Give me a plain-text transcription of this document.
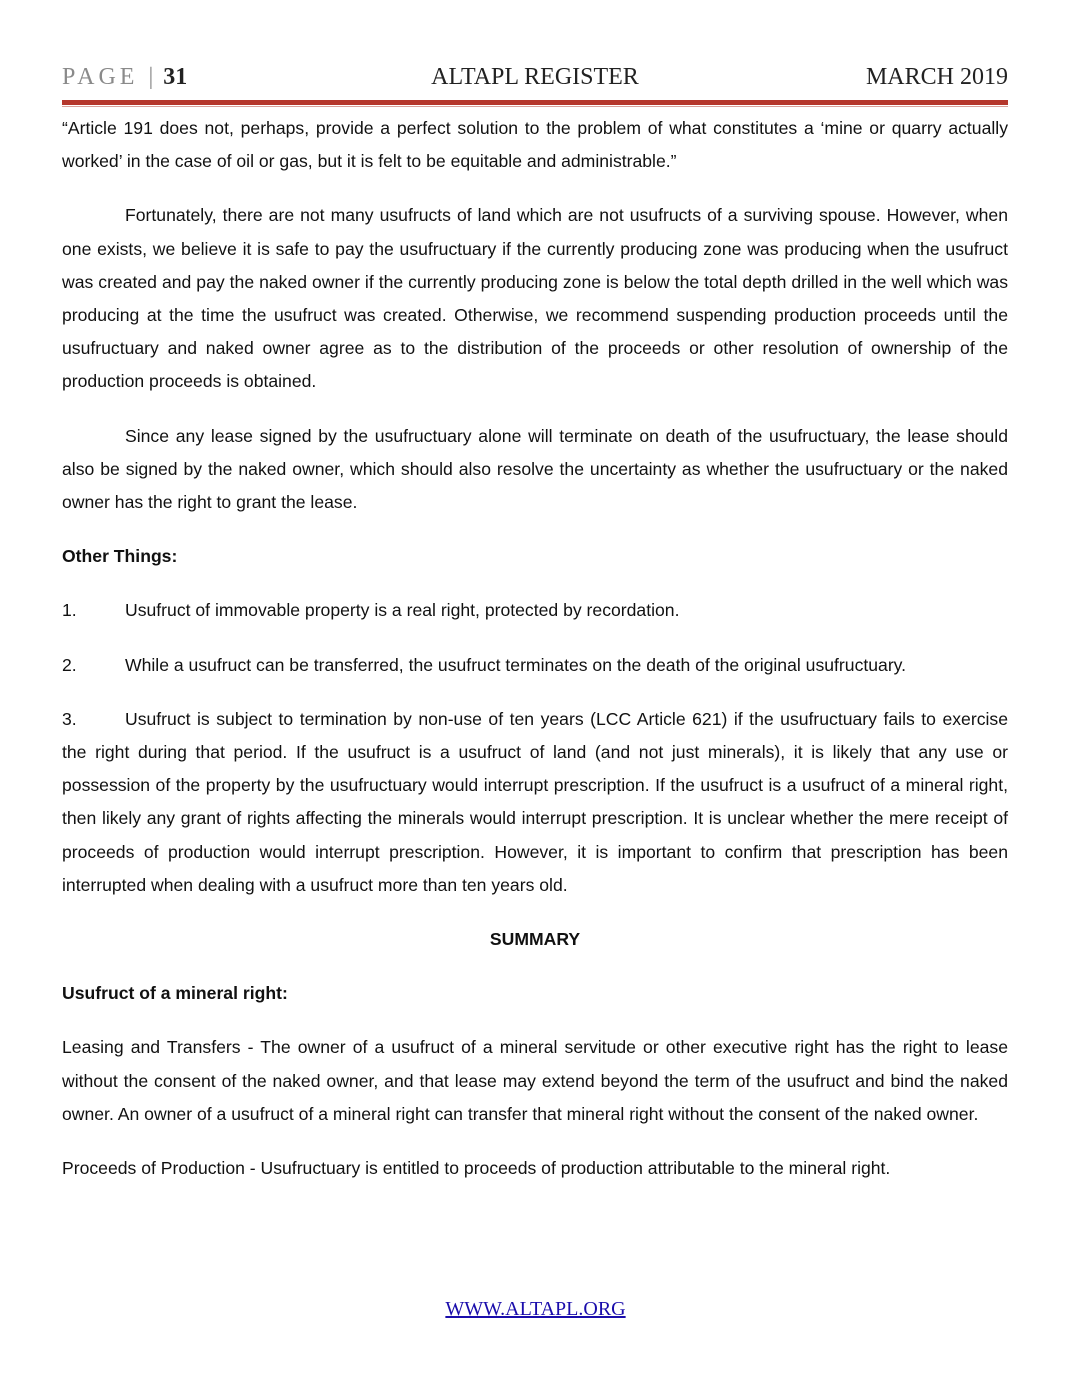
PAGE | 31	ALTAPL REGISTER	MARCH 2019

“Article 191 does not, perhaps, provide a perfect solution to the problem of what constitutes a ‘mine or quarry actually worked’ in the case of oil or gas, but it is felt to be equitable and administrable.”

Fortunately, there are not many usufructs of land which are not usufructs of a surviving spouse. However, when one exists, we believe it is safe to pay the usufructuary if the currently producing zone was producing when the usufruct was created and pay the naked owner if the currently producing zone is below the total depth drilled in the well which was producing at the time the usufruct was created. Otherwise, we recommend suspending production proceeds until the usufructuary and naked owner agree as to the distribution of the proceeds or other resolution of ownership of the production proceeds is obtained.

Since any lease signed by the usufructuary alone will terminate on death of the usufructuary, the lease should also be signed by the naked owner, which should also resolve the uncertainty as whether the usufructuary or the naked owner has the right to grant the lease.

Other Things:
1.	Usufruct of immovable property is a real right, protected by recordation.
2.	While a usufruct can be transferred, the usufruct terminates on the death of the original usufructuary.
3.	Usufruct is subject to termination by non-use of ten years (LCC Article 621) if the usufructuary fails to exercise the right during that period. If the usufruct is a usufruct of land (and not just minerals), it is likely that any use or possession of the property by the usufructuary would interrupt prescription. If the usufruct is a usufruct of a mineral right, then likely any grant of rights affecting the minerals would interrupt prescription. It is unclear whether the mere receipt of proceeds of production would interrupt prescription. However, it is important to confirm that prescription has been interrupted when dealing with a usufruct more than ten years old.
SUMMARY
Usufruct of a mineral right:

Leasing and Transfers - The owner of a usufruct of a mineral servitude or other executive right has the right to lease without the consent of the naked owner, and that lease may extend beyond the term of the usufruct and bind the naked owner. An owner of a usufruct of a mineral right can transfer that mineral right without the consent of the naked owner.

Proceeds of Production - Usufructuary is entitled to proceeds of production attributable to the mineral right.

WWW.ALTAPL.ORG
